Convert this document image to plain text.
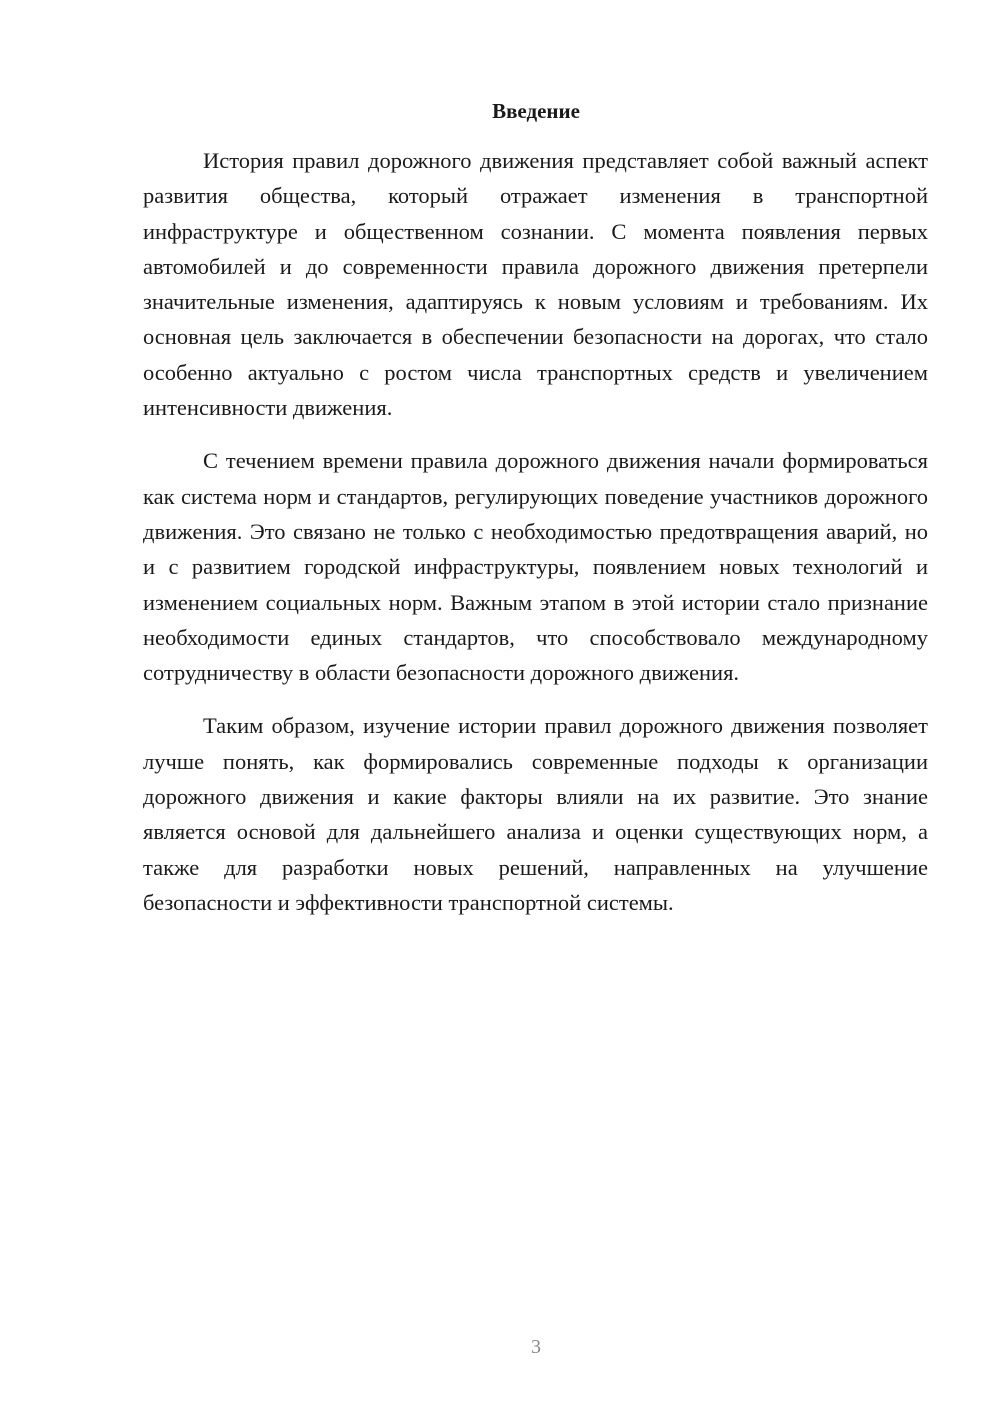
Введение

История правил дорожного движения представляет собой важный аспект развития общества, который отражает изменения в транспортной инфраструктуре и общественном сознании. С момента появления первых автомобилей и до современности правила дорожного движения претерпели значительные изменения, адаптируясь к новым условиям и требованиям. Их основная цель заключается в обеспечении безопасности на дорогах, что стало особенно актуально с ростом числа транспортных средств и увеличением интенсивности движения.

С течением времени правила дорожного движения начали формироваться как система норм и стандартов, регулирующих поведение участников дорожного движения. Это связано не только с необходимостью предотвращения аварий, но и с развитием городской инфраструктуры, появлением новых технологий и изменением социальных норм. Важным этапом в этой истории стало признание необходимости единых стандартов, что способствовало международному сотрудничеству в области безопасности дорожного движения.

Таким образом, изучение истории правил дорожного движения позволяет лучше понять, как формировались современные подходы к организации дорожного движения и какие факторы влияли на их развитие. Это знание является основой для дальнейшего анализа и оценки существующих норм, а также для разработки новых решений, направленных на улучшение безопасности и эффективности транспортной системы.

3
